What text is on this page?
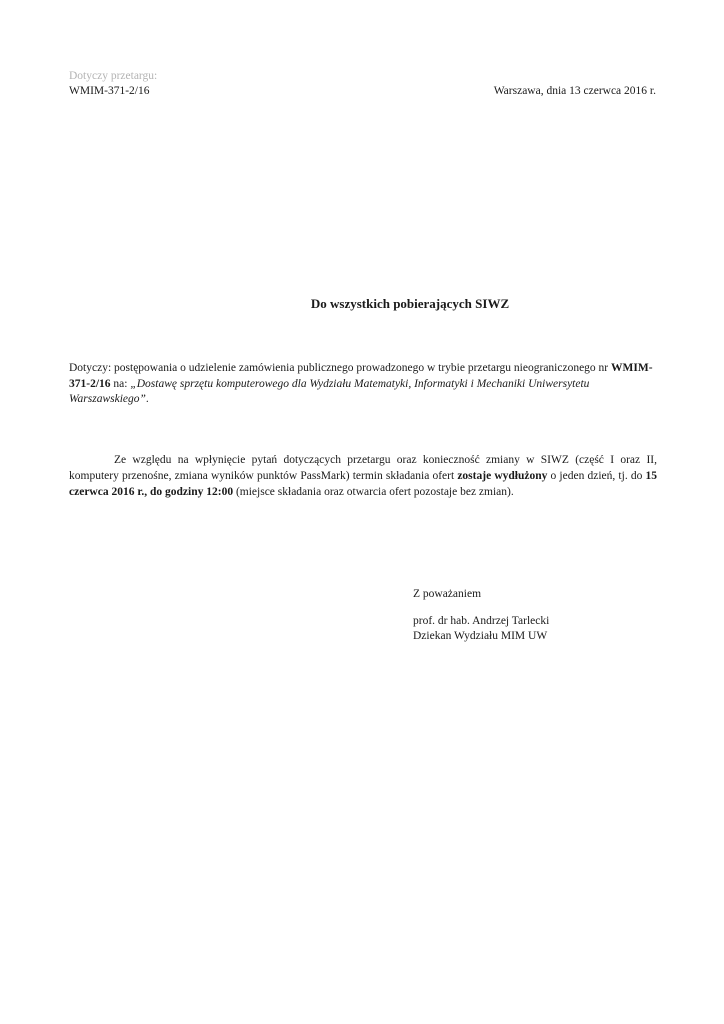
Dotyczy przetargu:
WMIM-371-2/16	Warszawa, dnia 13 czerwca 2016 r.
Do wszystkich pobierających SIWZ
Dotyczy: postępowania o udzielenie zamówienia publicznego prowadzonego w trybie przetargu nieograniczonego nr WMIM-371-2/16 na: „Dostawę sprzętu komputerowego dla Wydziału Matematyki, Informatyki i Mechaniki Uniwersytetu Warszawskiego”.
Ze względu na wpłynięcie pytań dotyczących przetargu oraz konieczność zmiany w SIWZ (część I oraz II, komputery przenośne, zmiana wyników punktów PassMark) termin składania ofert zostaje wydłużony o jeden dzień, tj. do 15 czerwca 2016 r., do godziny 12:00 (miejsce składania oraz otwarcia ofert pozostaje bez zmian).
Z poważaniem
prof. dr hab. Andrzej Tarlecki
Dziekan Wydziału MIM UW
